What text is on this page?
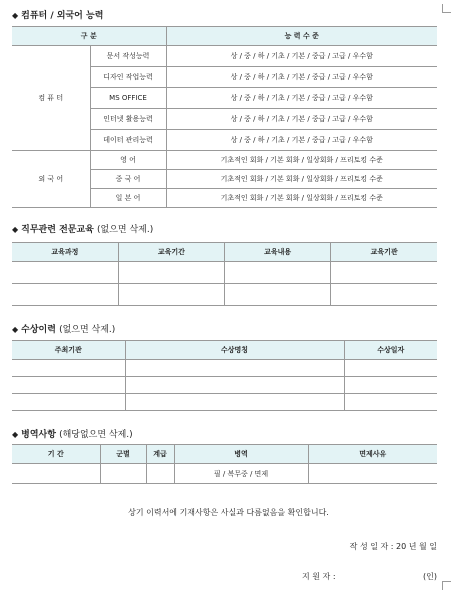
◆ 컴퓨터 / 외국어 능력
구 분		능 력 수 준
컴 퓨 터	문서 작성능력	상 / 중 / 하 / 기초 / 기본 / 중급 / 고급 / 우수함
	디자인 작업능력	상 / 중 / 하 / 기초 / 기본 / 중급 / 고급 / 우수함
	MS OFFICE	상 / 중 / 하 / 기초 / 기본 / 중급 / 고급 / 우수함
	인터넷 활용능력	상 / 중 / 하 / 기초 / 기본 / 중급 / 고급 / 우수함
	데이터 관리능력	상 / 중 / 하 / 기초 / 기본 / 중급 / 고급 / 우수함
외 국 어	영 어	기초적인 회화 / 기본 회화 / 일상회화 / 프리토킹 수준
	중 국 어	기초적인 회화 / 기본 회화 / 일상회화 / 프리토킹 수준
	일 본 어	기초적인 회화 / 기본 회화 / 일상회화 / 프리토킹 수준
◆ 직무관련 전문교육 (없으면 삭제.)
교육과정	교육기간	교육내용	교육기관

◆ 수상이력 (없으면 삭제.)
주최기관	수상명칭	수상일자

◆ 병역사항 (해당없으면 삭제.)
기 간	군별	계급	병역	면제사유
			필 / 복무중 / 면제	
상기 이력서에 기재사항은 사실과 다름없음을 확인합니다.
작 성 일 자 : 20 년 월 일
지 원 자 :	(인)
